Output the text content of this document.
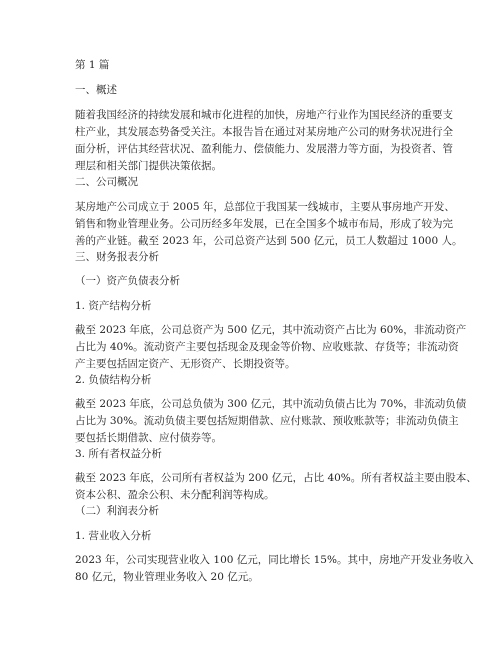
第 1 篇
一、概述
随着我国经济的持续发展和城市化进程的加快，房地产行业作为国民经济的重要支
柱产业，其发展态势备受关注。本报告旨在通过对某房地产公司的财务状况进行全
面分析，评估其经营状况、盈利能力、偿债能力、发展潜力等方面，为投资者、管
理层和相关部门提供决策依据。
二、公司概况
某房地产公司成立于 2005 年，总部位于我国某一线城市，主要从事房地产开发、
销售和物业管理业务。公司历经多年发展，已在全国多个城市布局，形成了较为完
善的产业链。截至 2023 年，公司总资产达到 500 亿元，员工人数超过 1000 人。
三、财务报表分析
（一）资产负债表分析
1. 资产结构分析
截至 2023 年底，公司总资产为 500 亿元，其中流动资产占比为 60%，非流动资产
占比为 40%。流动资产主要包括现金及现金等价物、应收账款、存货等；非流动资
产主要包括固定资产、无形资产、长期投资等。
2. 负债结构分析
截至 2023 年底，公司总负债为 300 亿元，其中流动负债占比为 70%，非流动负债
占比为 30%。流动负债主要包括短期借款、应付账款、预收账款等；非流动负债主
要包括长期借款、应付债券等。
3. 所有者权益分析
截至 2023 年底，公司所有者权益为 200 亿元，占比 40%。所有者权益主要由股本、
资本公积、盈余公积、未分配利润等构成。
（二）利润表分析
1. 营业收入分析
2023 年，公司实现营业收入 100 亿元，同比增长 15%。其中，房地产开发业务收入
80 亿元，物业管理业务收入 20 亿元。
